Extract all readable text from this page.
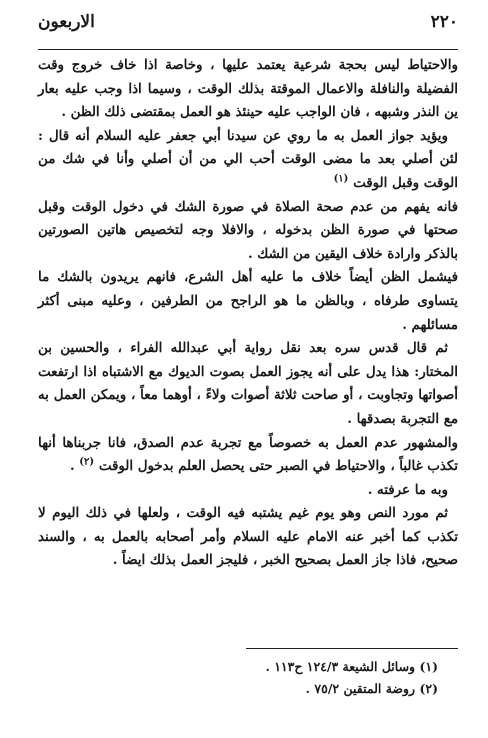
٢٢٠
الاربعون

والاحتياط ليس بحجة شرعية يعتمد عليها ، وخاصة اذا خاف خروج وقت الفضيلة والنافلة والاعمال الموقتة بذلك الوقت ، وسيما اذا وجب عليه بعار ين النذر وشبهه ، فان الواجب عليه حينئذ هو العمل بمقتضى ذلك الظن .

ويؤيد جواز العمل به ما روي عن سيدنا أبي جعفر عليه السلام أنه قال : لئن أصلي بعد ما مضى الوقت أحب الي من أن أصلي وأنا في شك من الوقت وقبل الوقت $^{(١)}$

فانه يفهم من عدم صحة الصلاة في صورة الشك في دخول الوقت وقبل صحتها في صورة الظن بدخوله ، والافلا وجه لتخصيص هاتين الصورتين بالذكر وارادة خلاف اليقين من الشك .

فيشمل الظن أيضاً خلاف ما عليه أهل الشرع، فانهم يريدون بالشك ما يتساوى طرفاه ، وبالظن ما هو الراجح من الطرفين ، وعليه مبنى أكثر مسائلهم .

ثم قال قدس سره بعد نقل رواية أبي عبدالله الفراء ، والحسين بن المختار: هذا يدل على أنه يجوز العمل بصوت الديوك مع الاشتباه اذا ارتفعت أصواتها وتجاوبت ، أو صاحت ثلاثة أصوات ولاءً ، أوهما معاً ، ويمكن العمل به مع التجربة بصدقها .

والمشهور عدم العمل به خصوصاً مع تجربة عدم الصدق، فانا جربناها أنها تكذب غالباً ، والاحتياط في الصبر حتى يحصل العلم بدخول الوقت $^{(٢)}$ .

وبه ما عرفته .

ثم مورد النص وهو يوم غيم يشتبه فيه الوقت ، ولعلها في ذلك اليوم لا تكذب كما أخبر عنه الامام عليه السلام وأمر أصحابه بالعمل به ، والسند صحيح، فاذا جاز العمل بصحيح الخبر ، فليجز العمل بذلك ايضاً .

(١) وسائل الشيعة ١٢٤/٣ ح١١٣ .

(٢) روضة المتقين ٧٥/٢ .
